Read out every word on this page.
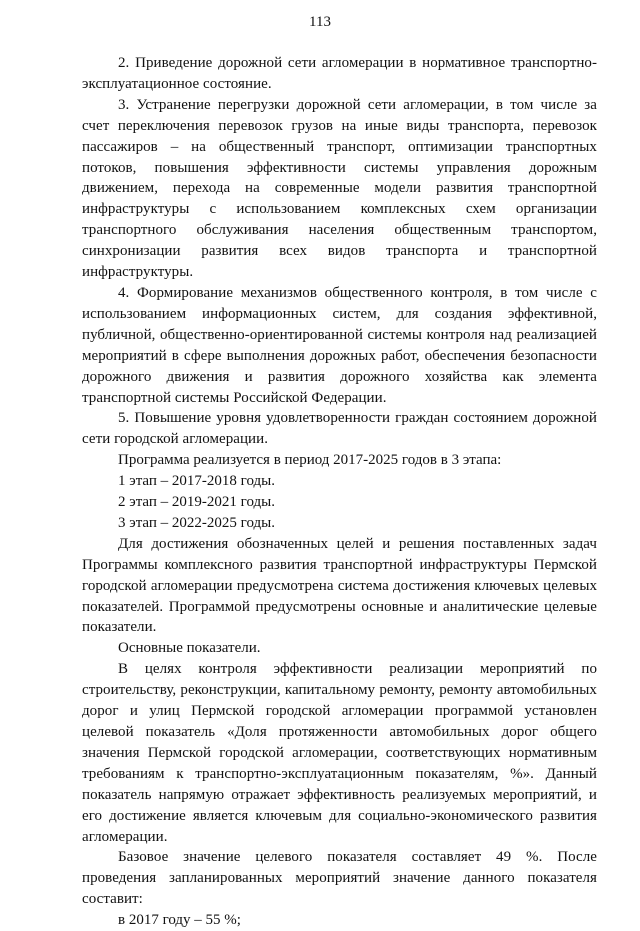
113

2. Приведение дорожной сети агломерации в нормативное транспортно-эксплуатационное состояние.

3. Устранение перегрузки дорожной сети агломерации, в том числе за счет переключения перевозок грузов на иные виды транспорта, перевозок пассажиров – на общественный транспорт, оптимизации транспортных потоков, повышения эффективности системы управления дорожным движением, перехода на современные модели развития транспортной инфраструктуры с использованием комплексных схем организации транспортного обслуживания населения общественным транспортом, синхронизации развития всех видов транспорта и транспортной инфраструктуры.

4. Формирование механизмов общественного контроля, в том числе с использованием информационных систем, для создания эффективной, публичной, общественно-ориентированной системы контроля над реализацией мероприятий в сфере выполнения дорожных работ, обеспечения безопасности дорожного движения и развития дорожного хозяйства как элемента транспортной системы Российской Федерации.

5. Повышение уровня удовлетворенности граждан состоянием дорожной сети городской агломерации.

Программа реализуется в период 2017-2025 годов в 3 этапа:

1 этап – 2017-2018 годы.

2 этап – 2019-2021 годы.

3 этап – 2022-2025 годы.

Для достижения обозначенных целей и решения поставленных задач Программы комплексного развития транспортной инфраструктуры Пермской городской агломерации предусмотрена система достижения ключевых целевых показателей. Программой предусмотрены основные и аналитические целевые показатели.

Основные показатели.

В целях контроля эффективности реализации мероприятий по строительству, реконструкции, капитальному ремонту, ремонту автомобильных дорог и улиц Пермской городской агломерации программой установлен целевой показатель «Доля протяженности автомобильных дорог общего значения Пермской городской агломерации, соответствующих нормативным требованиям к транспортно-эксплуатационным показателям, %». Данный показатель напрямую отражает эффективность реализуемых мероприятий, и его достижение является ключевым для социально-экономического развития агломерации.

Базовое значение целевого показателя составляет 49 %. После проведения запланированных мероприятий значение данного показателя составит:

в 2017 году – 55 %;
